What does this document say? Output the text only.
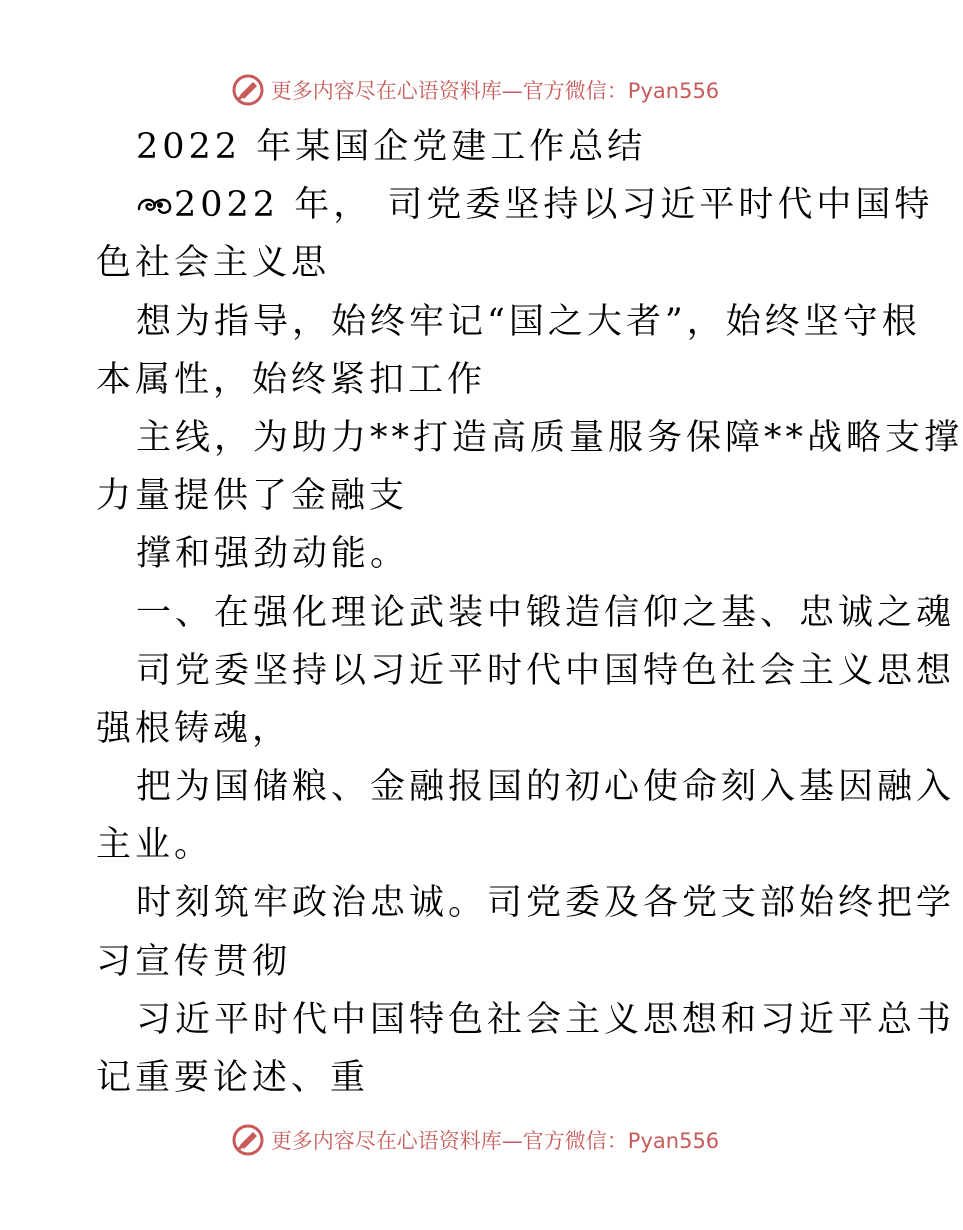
更多内容尽在心语资料库—官方微信：Pyan556
2022 年某国企党建工作总结
2022 年， 司党委坚持以习近平时代中国特
色社会主义思
想为指导，始终牢记“国之大者”，始终坚守根
本属性，始终紧扣工作
主线，为助力**打造高质量服务保障**战略支撑
力量提供了金融支
撑和强劲动能。
一、在强化理论武装中锻造信仰之基、忠诚之魂
司党委坚持以习近平时代中国特色社会主义思想
强根铸魂，
把为国储粮、金融报国的初心使命刻入基因融入
主业。
时刻筑牢政治忠诚。司党委及各党支部始终把学
习宣传贯彻
习近平时代中国特色社会主义思想和习近平总书
记重要论述、重
更多内容尽在心语资料库—官方微信：Pyan556
